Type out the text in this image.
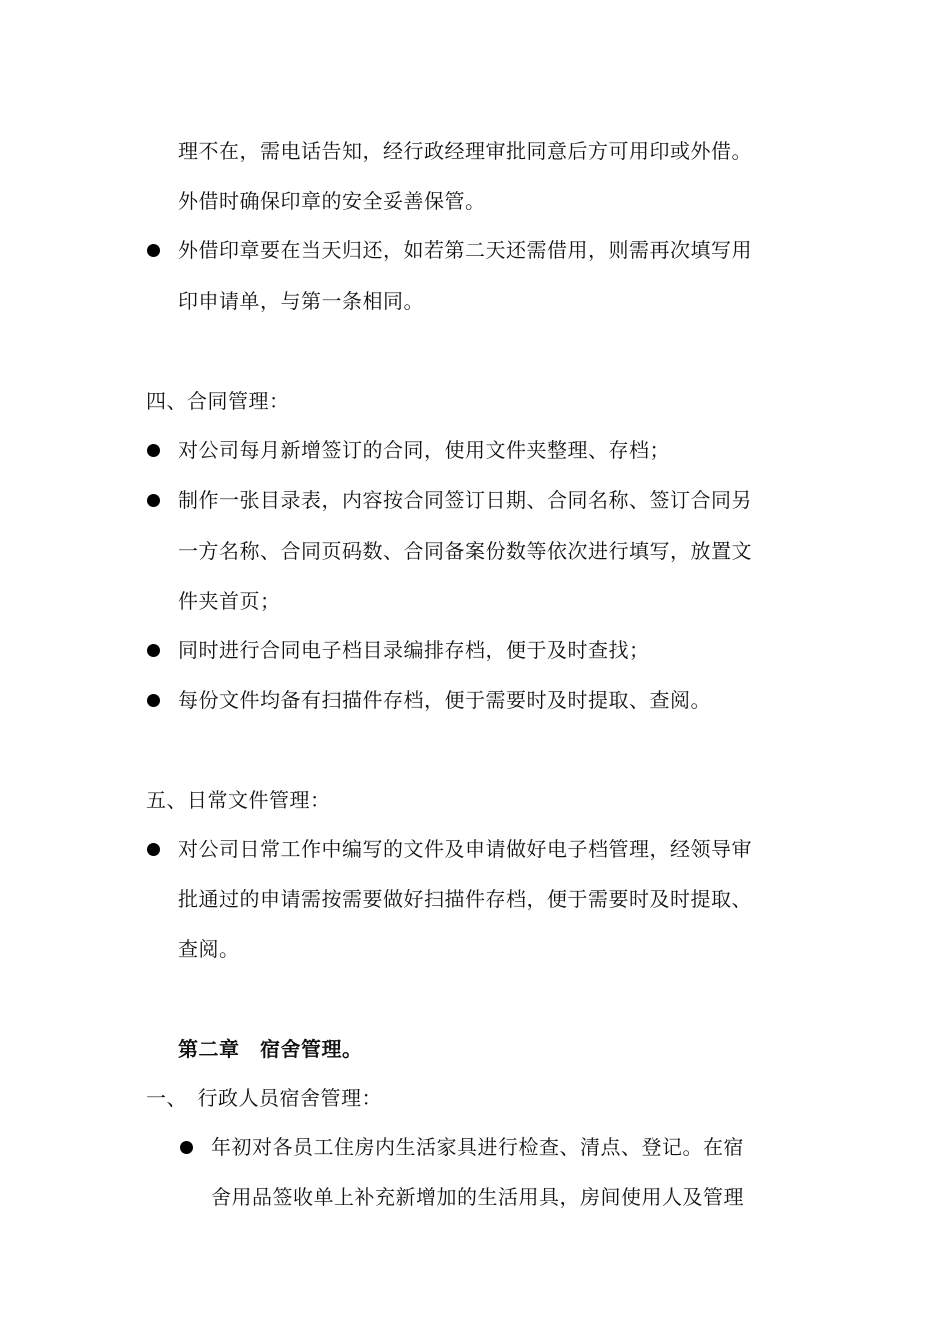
理不在，需电话告知，经行政经理审批同意后方可用印或外借。
外借时确保印章的安全妥善保管。
外借印章要在当天归还，如若第二天还需借用，则需再次填写用
印申请单，与第一条相同。
四、合同管理：
对公司每月新增签订的合同，使用文件夹整理、存档；
制作一张目录表，内容按合同签订日期、合同名称、签订合同另
一方名称、合同页码数、合同备案份数等依次进行填写，放置文
件夹首页；
同时进行合同电子档目录编排存档，便于及时查找；
每份文件均备有扫描件存档，便于需要时及时提取、查阅。
五、日常文件管理：
对公司日常工作中编写的文件及申请做好电子档管理，经领导审
批通过的申请需按需要做好扫描件存档，便于需要时及时提取、
查阅。
第二章　宿舍管理。
一、　行政人员宿舍管理：
年初对各员工住房内生活家具进行检查、清点、登记。在宿
舍用品签收单上补充新增加的生活用具，房间使用人及管理
